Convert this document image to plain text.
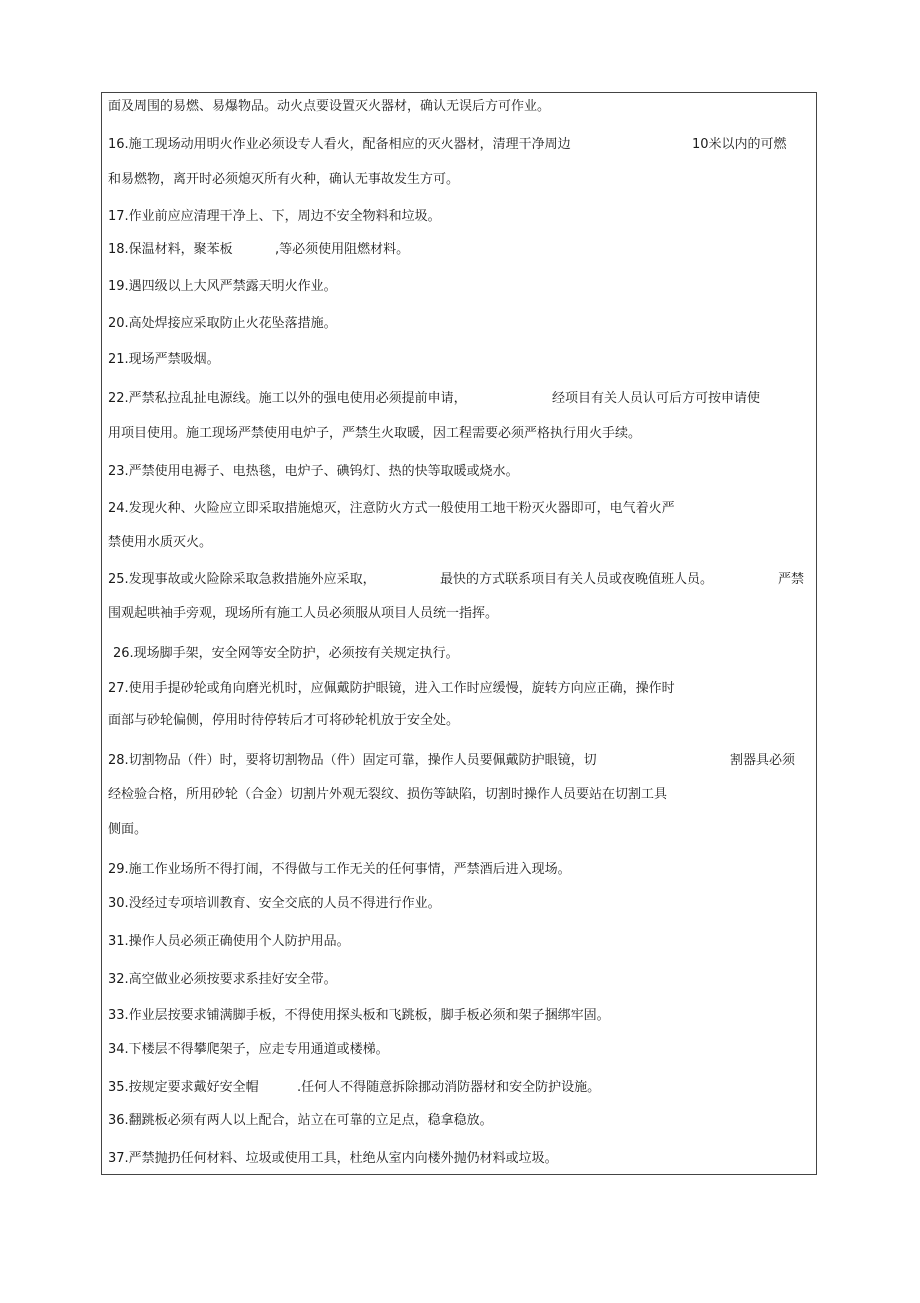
面及周围的易燃、易爆物品。动火点要设置灭火器材，确认无误后方可作业。
16.施工现场动用明火作业必须设专人看火，配备相应的灭火器材，清理干净周边	10米以内的可燃
和易燃物，离开时必须熄灭所有火种，确认无事故发生方可。
17.作业前应应清理干净上、下，周边不安全物料和垃圾。
18.保温材料，聚苯板	,等必须使用阻燃材料。
19.遇四级以上大风严禁露天明火作业。
20.高处焊接应采取防止火花坠落措施。
21.现场严禁吸烟。
22.严禁私拉乱扯电源线。施工以外的强电使用必须提前申请，	经项目有关人员认可后方可按申请使
用项目使用。施工现场严禁使用电炉子，严禁生火取暖，因工程需要必须严格执行用火手续。
23.严禁使用电褥子、电热毯，电炉子、碘钨灯、热的快等取暖或烧水。
24.发现火种、火险应立即采取措施熄灭，注意防火方式一般使用工地干粉灭火器即可，电气着火严
禁使用水质灭火。
25.发现事故或火险除采取急救措施外应采取，	最快的方式联系项目有关人员或夜晚值班人员。	严禁
围观起哄袖手旁观，现场所有施工人员必须服从项目人员统一指挥。
26.现场脚手架，安全网等安全防护，必须按有关规定执行。
27.使用手提砂轮或角向磨光机时，应佩戴防护眼镜，进入工作时应缓慢，旋转方向应正确，操作时
面部与砂轮偏侧，停用时待停转后才可将砂轮机放于安全处。
28.切割物品（件）时，要将切割物品（件）固定可靠，操作人员要佩戴防护眼镜，切	割器具必须
经检验合格，所用砂轮（合金）切割片外观无裂纹、损伤等缺陷，切割时操作人员要站在切割工具
侧面。
29.施工作业场所不得打闹，不得做与工作无关的任何事情，严禁酒后进入现场。
30.没经过专项培训教育、安全交底的人员不得进行作业。
31.操作人员必须正确使用个人防护用品。
32.高空做业必须按要求系挂好安全带。
33.作业层按要求铺满脚手板，不得使用探头板和飞跳板，脚手板必须和架子捆绑牢固。
34.下楼层不得攀爬架子，应走专用通道或楼梯。
35.按规定要求戴好安全帽	.任何人不得随意拆除挪动消防器材和安全防护设施。
36.翻跳板必须有两人以上配合，站立在可靠的立足点，稳拿稳放。
37.严禁抛扔任何材料、垃圾或使用工具，杜绝从室内向楼外抛仍材料或垃圾。
